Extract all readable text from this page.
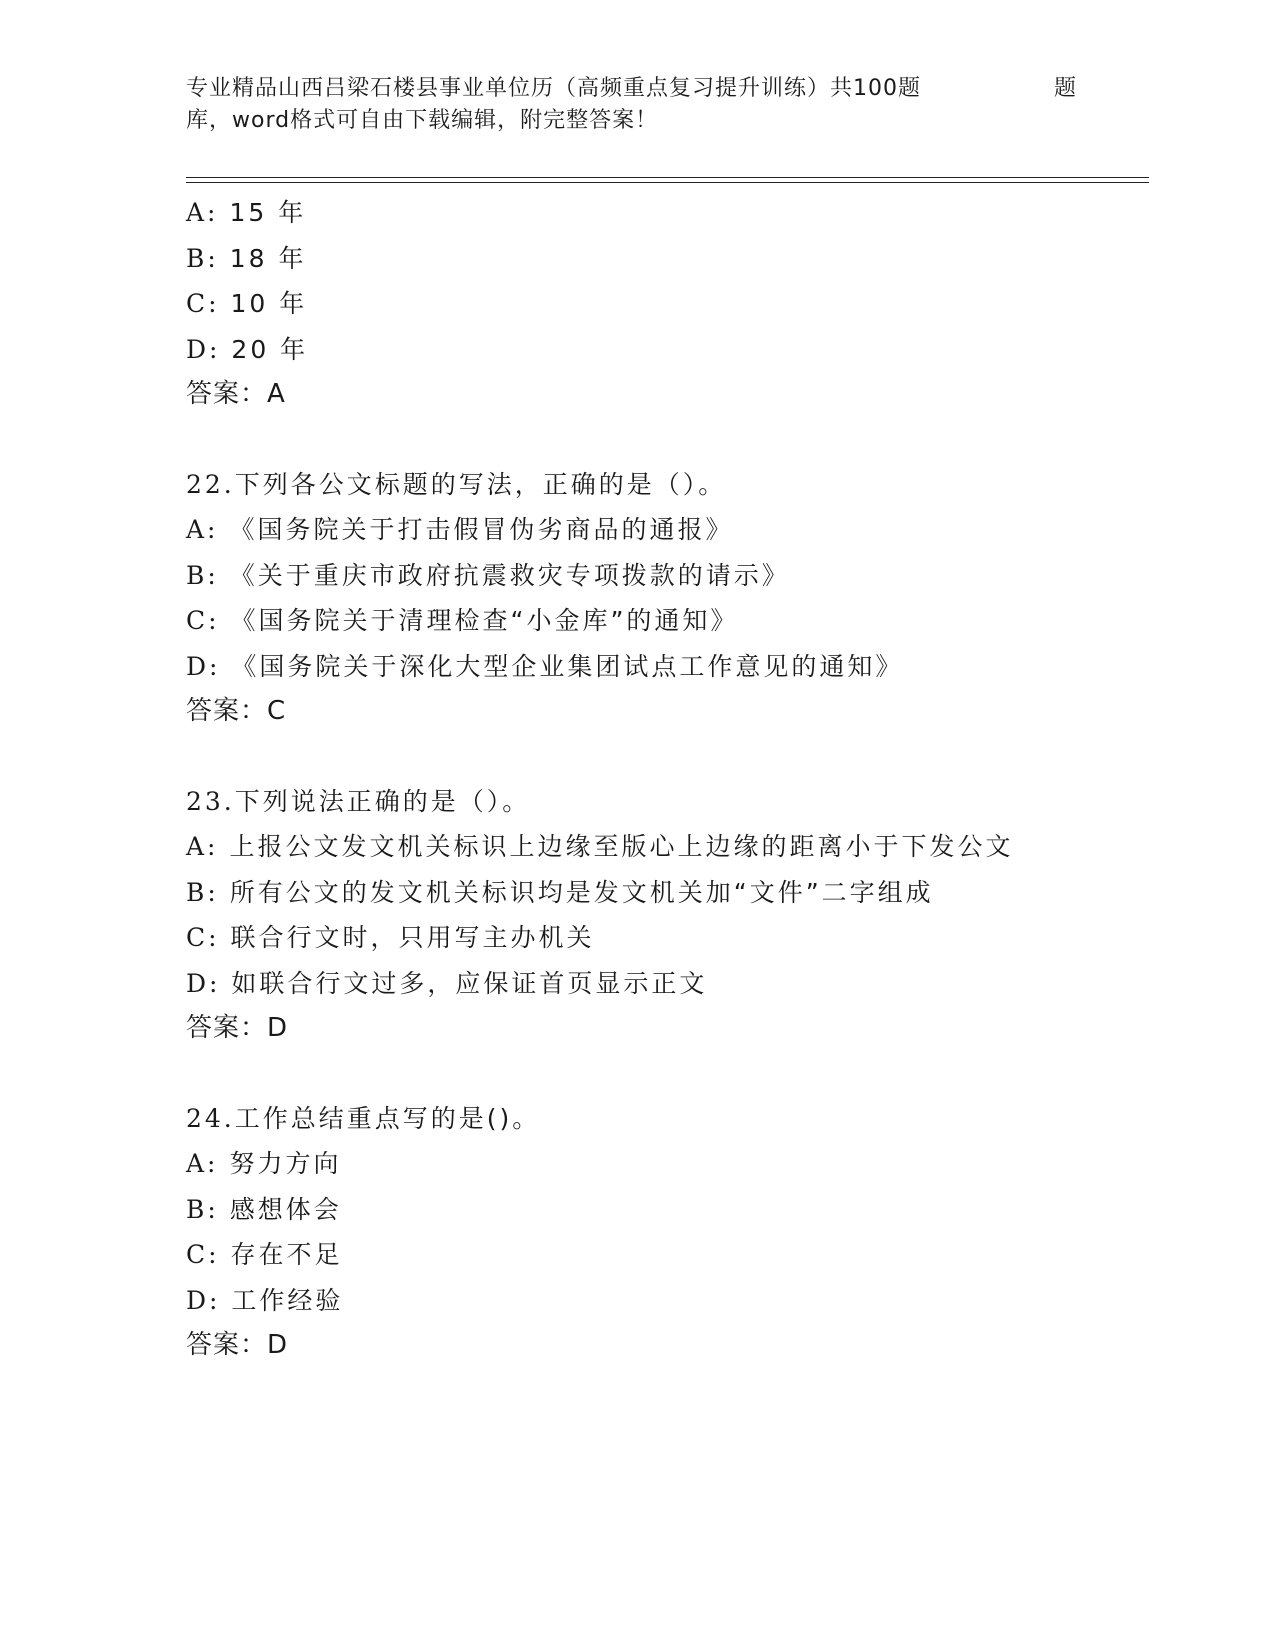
专业精品山西吕梁石楼县事业单位历（高频重点复习提升训练）共100题	题
库，word格式可自由下载编辑，附完整答案！
A: 15 年
B: 18 年
C: 10 年
D: 20 年
答案：A
22.下列各公文标题的写法，正确的是（）。
A: 《国务院关于打击假冒伪劣商品的通报》
B: 《关于重庆市政府抗震救灾专项拨款的请示》
C: 《国务院关于清理检查“小金库”的通知》
D: 《国务院关于深化大型企业集团试点工作意见的通知》
答案：C
23.下列说法正确的是（）。
A: 上报公文发文机关标识上边缘至版心上边缘的距离小于下发公文
B: 所有公文的发文机关标识均是发文机关加“文件”二字组成
C: 联合行文时，只用写主办机关
D: 如联合行文过多，应保证首页显示正文
答案：D
24.工作总结重点写的是()。
A: 努力方向
B: 感想体会
C: 存在不足
D: 工作经验
答案：D
